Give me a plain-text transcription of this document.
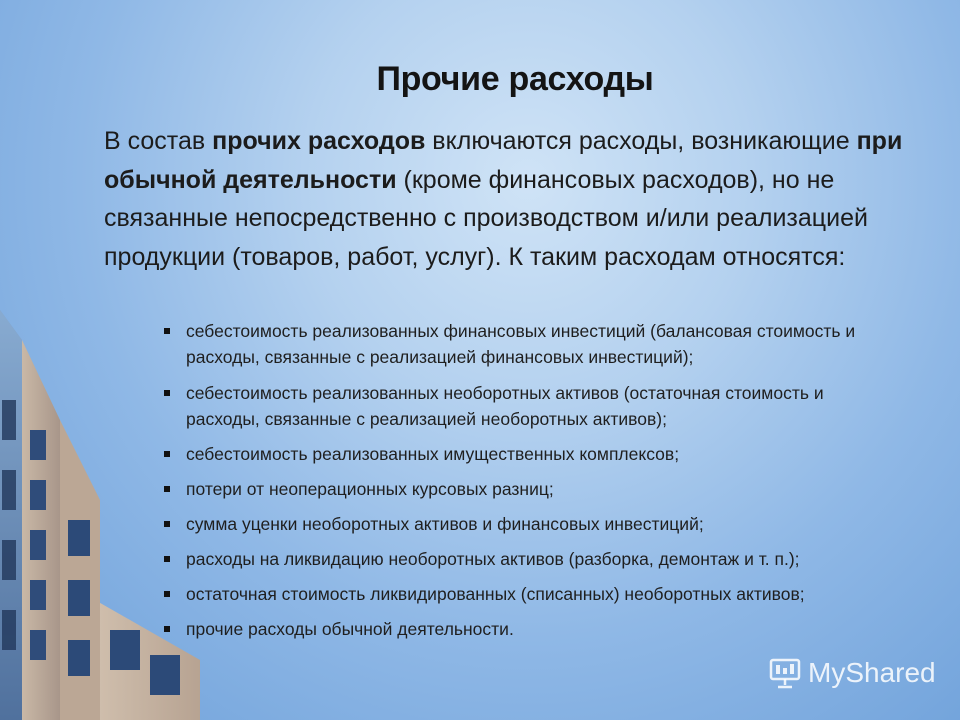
Прочие расходы
В состав прочих расходов включаются расходы, возникающие при обычной деятельности (кроме финансовых расходов), но не связанные непосредственно с производством и/или реализацией продукции (товаров, работ, услуг). К таким расходам относятся:
себестоимость реализованных финансовых инвестиций (балансовая стоимость и расходы, связанные с реализацией финансовых инвестиций);
себестоимость реализованных необоротных активов (остаточная стоимость и расходы, связанные с реализацией необоротных активов);
себестоимость реализованных имущественных комплексов;
потери от неоперационных курсовых разниц;
сумма уценки необоротных активов и финансовых инвестиций;
расходы на ликвидацию необоротных активов (разборка, демонтаж и т. п.);
остаточная стоимость ликвидированных (списанных) необоротных активов;
прочие расходы обычной деятельности.
MyShared
